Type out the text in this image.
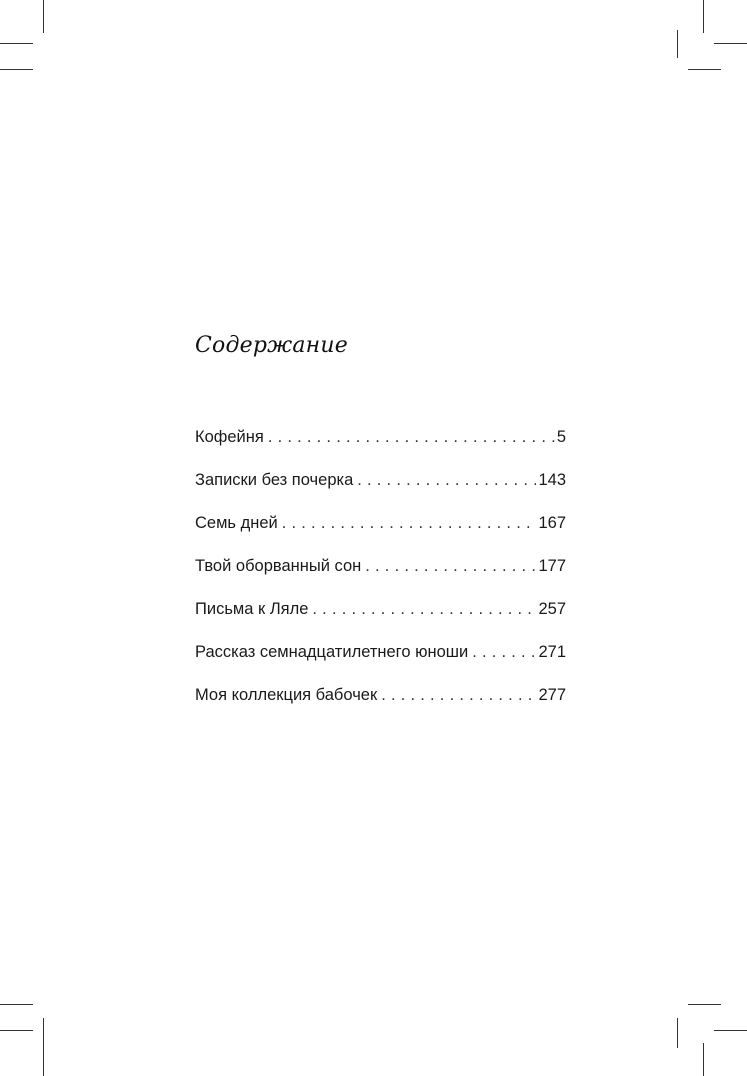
Содержание
Кофейня . . .	5
Записки без почерка . . .	143
Семь дней . . .	167
Твой оборванный сон . . .	177
Письма к Ляле . . .	257
Рассказ семнадцатилетнего юноши . . .	271
Моя коллекция бабочек . . .	277
